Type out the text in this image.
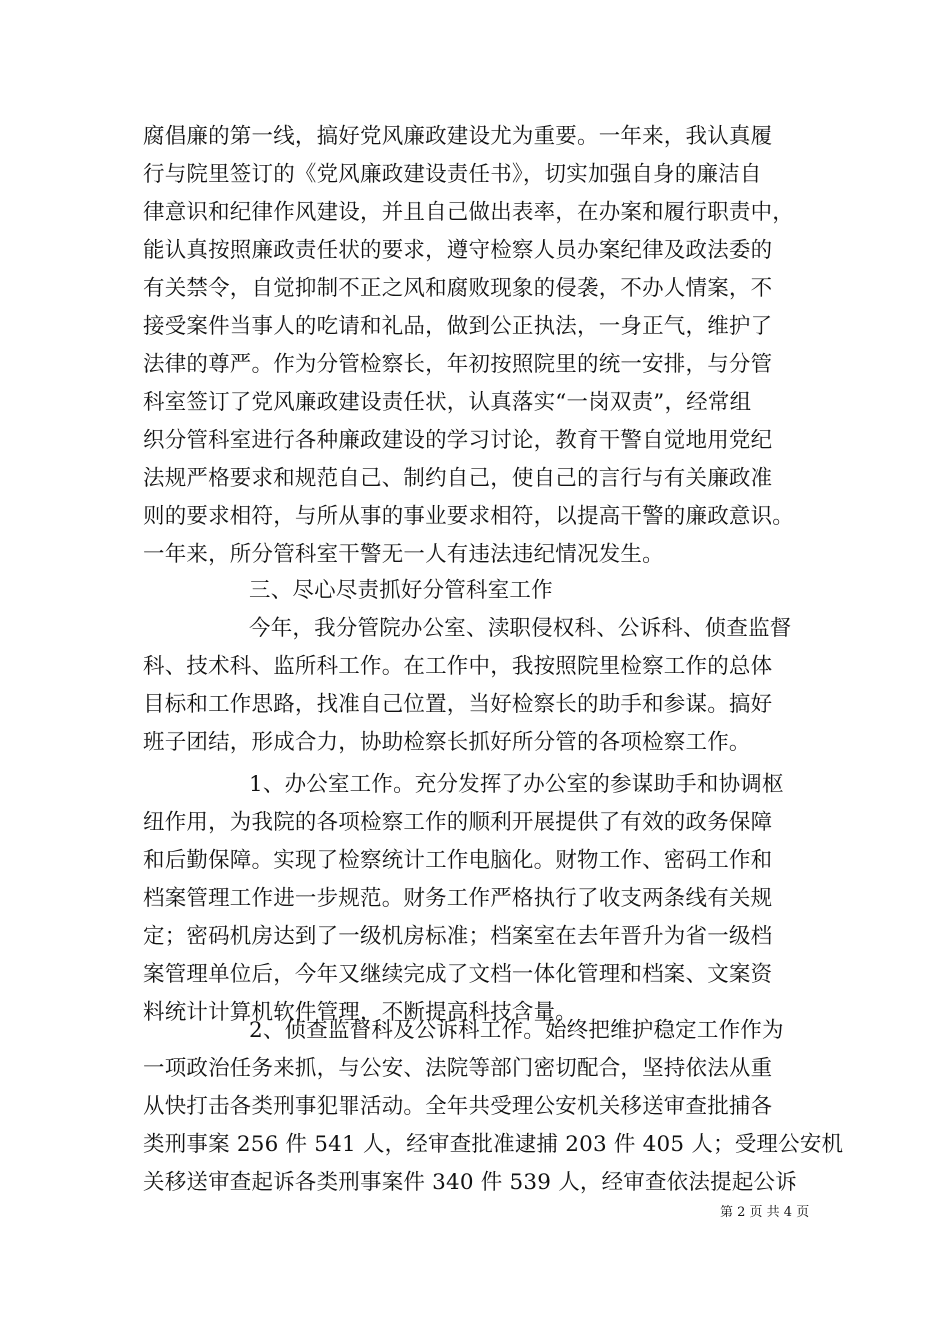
腐倡廉的第一线，搞好党风廉政建设尤为重要。一年来，我认真履
行与院里签订的《党风廉政建设责任书》，切实加强自身的廉洁自
律意识和纪律作风建设，并且自己做出表率，在办案和履行职责中，
能认真按照廉政责任状的要求，遵守检察人员办案纪律及政法委的
有关禁令，自觉抑制不正之风和腐败现象的侵袭，不办人情案，不
接受案件当事人的吃请和礼品，做到公正执法，一身正气，维护了
法律的尊严。作为分管检察长，年初按照院里的统一安排，与分管
科室签订了党风廉政建设责任状，认真落实“一岗双责”，经常组
织分管科室进行各种廉政建设的学习讨论，教育干警自觉地用党纪
法规严格要求和规范自己、制约自己，使自己的言行与有关廉政准
则的要求相符，与所从事的事业要求相符，以提高干警的廉政意识。
一年来，所分管科室干警无一人有违法违纪情况发生。
三、尽心尽责抓好分管科室工作
今年，我分管院办公室、渎职侵权科、公诉科、侦查监督
科、技术科、监所科工作。在工作中，我按照院里检察工作的总体
目标和工作思路，找准自己位置，当好检察长的助手和参谋。搞好
班子团结，形成合力，协助检察长抓好所分管的各项检察工作。
1、办公室工作。充分发挥了办公室的参谋助手和协调枢
纽作用，为我院的各项检察工作的顺利开展提供了有效的政务保障
和后勤保障。实现了检察统计工作电脑化。财物工作、密码工作和
档案管理工作进一步规范。财务工作严格执行了收支两条线有关规
定；密码机房达到了一级机房标准；档案室在去年晋升为省一级档
案管理单位后，今年又继续完成了文档一体化管理和档案、文案资
料统计计算机软件管理，不断提高科技含量。
2、侦查监督科及公诉科工作。始终把维护稳定工作作为
一项政治任务来抓，与公安、法院等部门密切配合，坚持依法从重
从快打击各类刑事犯罪活动。全年共受理公安机关移送审查批捕各
类刑事案 256 件 541 人，经审查批准逮捕 203 件 405 人；受理公安机
关移送审查起诉各类刑事案件 340 件 539 人，经审查依法提起公诉
第 2 页 共 4 页
